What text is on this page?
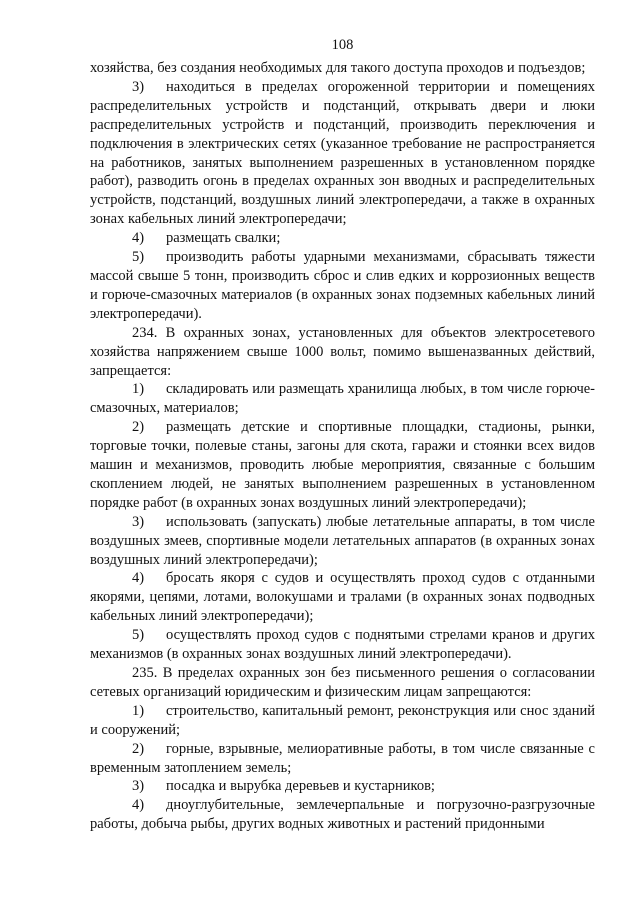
108
хозяйства, без создания необходимых для такого доступа проходов и подъездов;
3) находиться в пределах огороженной территории и помещениях распределительных устройств и подстанций, открывать двери и люки распределительных устройств и подстанций, производить переключения и подключения в электрических сетях (указанное требование не распространяется на работников, занятых выполнением разрешенных в установленном порядке работ), разводить огонь в пределах охранных зон вводных и распределительных устройств, подстанций, воздушных линий электропередачи, а также в охранных зонах кабельных линий электропередачи;
4) размещать свалки;
5) производить работы ударными механизмами, сбрасывать тяжести массой свыше 5 тонн, производить сброс и слив едких и коррозионных веществ и горюче-смазочных материалов (в охранных зонах подземных кабельных линий электропередачи).
234. В охранных зонах, установленных для объектов электросетевого хозяйства напряжением свыше 1000 вольт, помимо вышеназванных действий, запрещается:
1) складировать или размещать хранилища любых, в том числе горюче-смазочных, материалов;
2) размещать детские и спортивные площадки, стадионы, рынки, торговые точки, полевые станы, загоны для скота, гаражи и стоянки всех видов машин и механизмов, проводить любые мероприятия, связанные с большим скоплением людей, не занятых выполнением разрешенных в установленном порядке работ (в охранных зонах воздушных линий электропередачи);
3) использовать (запускать) любые летательные аппараты, в том числе воздушных змеев, спортивные модели летательных аппаратов (в охранных зонах воздушных линий электропередачи);
4) бросать якоря с судов и осуществлять проход судов с отданными якорями, цепями, лотами, волокушами и тралами (в охранных зонах подводных кабельных линий электропередачи);
5) осуществлять проход судов с поднятыми стрелами кранов и других механизмов (в охранных зонах воздушных линий электропередачи).
235. В пределах охранных зон без письменного решения о согласовании сетевых организаций юридическим и физическим лицам запрещаются:
1) строительство, капитальный ремонт, реконструкция или снос зданий и сооружений;
2) горные, взрывные, мелиоративные работы, в том числе связанные с временным затоплением земель;
3) посадка и вырубка деревьев и кустарников;
4) дноуглубительные, землечерпальные и погрузочно-разгрузочные работы, добыча рыбы, других водных животных и растений придонными
